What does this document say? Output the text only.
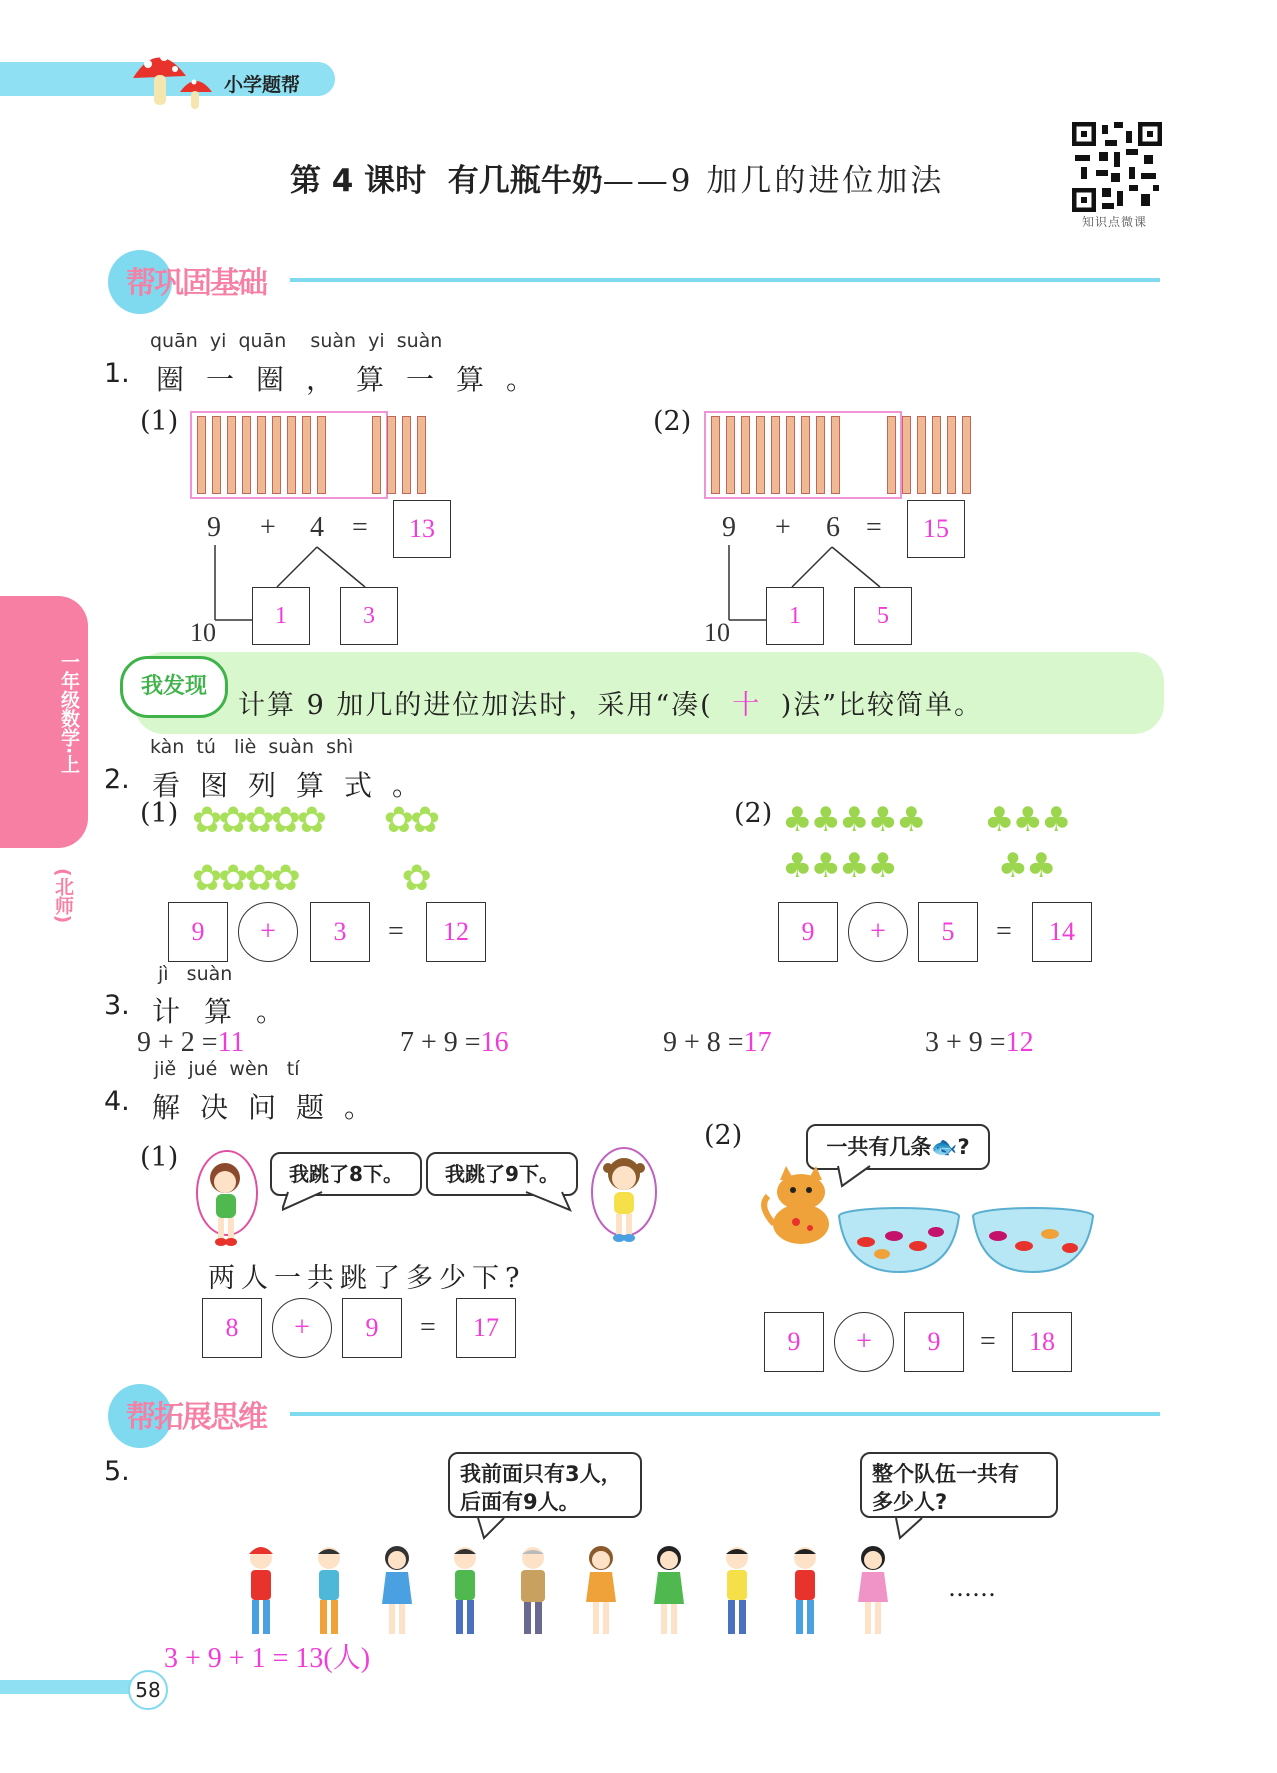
小学题帮
第 4 课时  有几瓶牛奶——9 加几的进位加法
知识点微课
帮巩固基础
一年级数学·上
(北师)
quān  yi  quān    suàn  yi  suàn
1. 圈一圈，算一算。
(1)
9 + 4 =	13
1	3
10
(2)
9 + 6 =	15
1	5
10
我发现
计算 9 加几的进位加法时，采用“凑( 十 )法”比较简单。
kàn  tú   liè  suàn  shì
2. 看图列算式。
(1) ✿✿✿✿✿ ✿✿
✿✿✿✿	✿
9	+	3	=	12
(2) ♣♣♣♣♣ ♣♣♣
♣♣♣♣	♣♣
9	+	5	=	14
jì   suàn
3. 计算。
9 + 2 =11	7 + 9 =16	9 + 8 =17	3 + 9 =12
jiě  jué  wèn   tí
4. 解决问题。
(1)
我跳了8下。	我跳了9下。
两人一共跳了多少下?
8	+	9	=	17
(2)	一共有几条🐟?
9	+	9	=	18
帮拓展思维
5.	我前面只有3人，
后面有9人。
整个队伍一共有
多少人?
……
3 + 9 + 1 = 13(人)
58
